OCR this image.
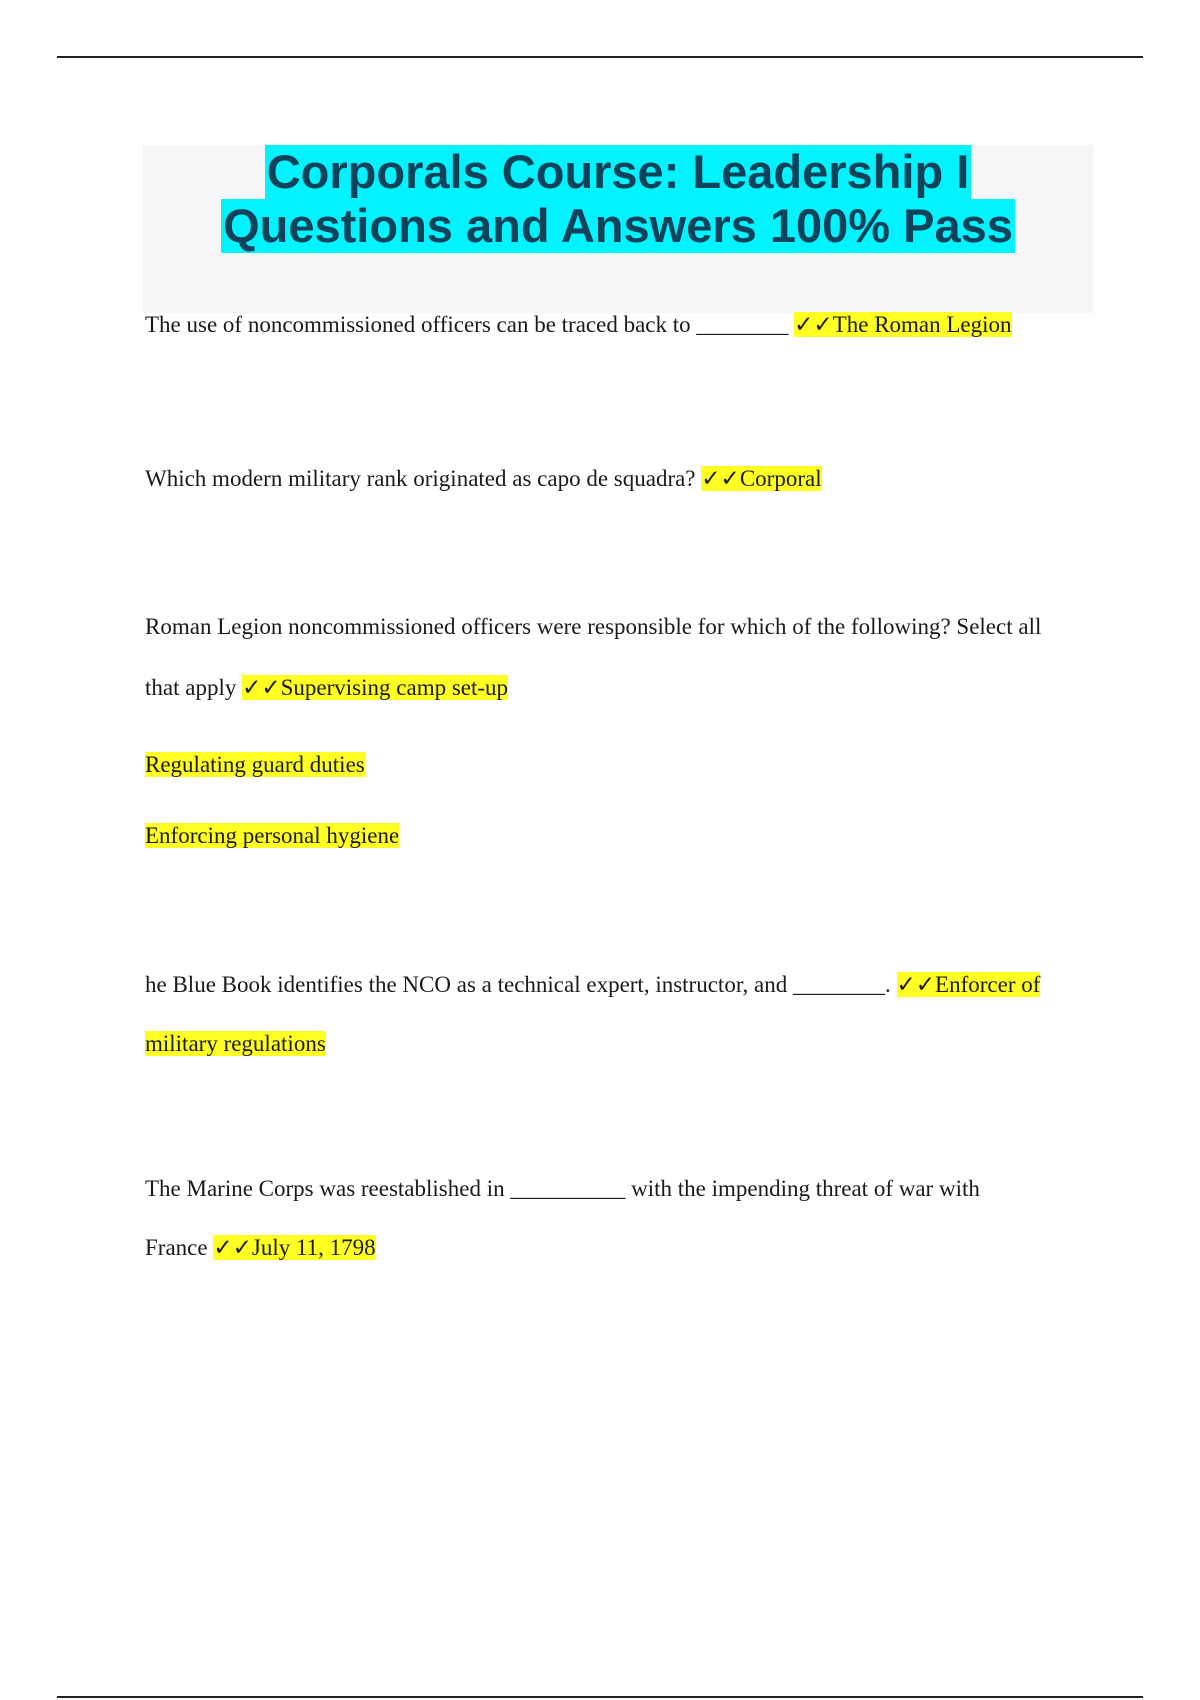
Corporals Course: Leadership I
Questions and Answers 100% Pass
The use of noncommissioned officers can be traced back to ________ ✓✓The Roman Legion
Which modern military rank originated as capo de squadra? ✓✓Corporal
Roman Legion noncommissioned officers were responsible for which of the following? Select all
that apply ✓✓Supervising camp set-up
Regulating guard duties
Enforcing personal hygiene
he Blue Book identifies the NCO as a technical expert, instructor, and ________. ✓✓Enforcer of
military regulations
The Marine Corps was reestablished in __________ with the impending threat of war with
France ✓✓July 11, 1798
